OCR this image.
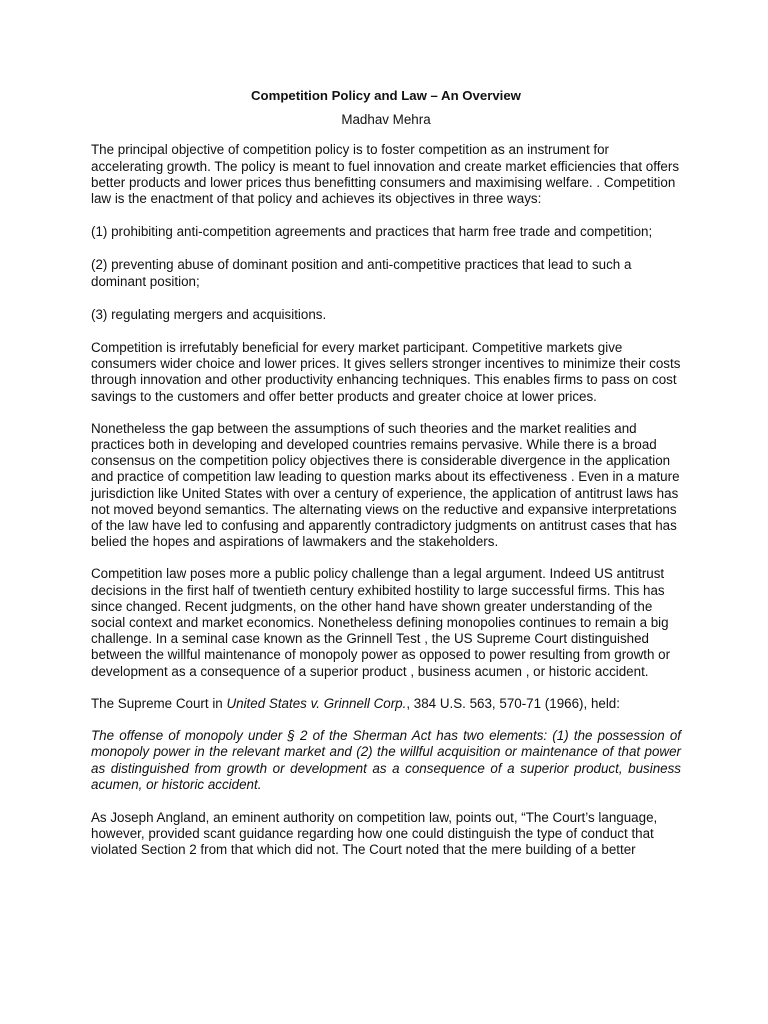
Competition Policy and Law – An Overview
Madhav Mehra

The principal objective of competition policy is to foster competition as an instrument for accelerating growth. The policy is meant to fuel innovation and create market efficiencies that offers better products and lower prices thus benefitting consumers and maximising welfare. . Competition law is the enactment of that policy and achieves its objectives in three ways:

(1) prohibiting anti-competition agreements and practices that harm free trade and competition;

(2) preventing abuse of dominant position and anti-competitive practices that lead to such a dominant position;

(3) regulating mergers and acquisitions.

Competition is irrefutably beneficial for every market participant. Competitive markets give consumers wider choice and lower prices. It gives sellers stronger incentives to minimize their costs through innovation and other productivity enhancing techniques. This enables firms to pass on cost savings to the customers and offer better products and greater choice at lower prices.

Nonetheless the gap between the assumptions of such theories and the market realities and practices both in developing and developed countries remains pervasive. While there is a broad consensus on the competition policy objectives there is considerable divergence in the application and practice of competition law leading to question marks about its effectiveness . Even in a mature jurisdiction like United States with over a century of experience, the application of antitrust laws has not moved beyond semantics. The alternating views on the reductive and expansive interpretations of the law have led to confusing and apparently contradictory judgments on antitrust cases that has belied the hopes and aspirations of lawmakers and the stakeholders.

Competition law poses more a public policy challenge than a legal argument. Indeed US antitrust decisions in the first half of twentieth century exhibited hostility to large successful firms. This has since changed. Recent judgments, on the other hand have shown greater understanding of the social context and market economics. Nonetheless defining monopolies continues to remain a big challenge. In a seminal case known as the Grinnell Test , the US Supreme Court distinguished between the willful maintenance of monopoly power as opposed to power resulting from growth or development as a consequence of a superior product , business acumen , or historic accident.

The Supreme Court in United States v. Grinnell Corp., 384 U.S. 563, 570-71 (1966), held:

The offense of monopoly under § 2 of the Sherman Act has two elements: (1) the possession of monopoly power in the relevant market and (2) the willful acquisition or maintenance of that power as distinguished from growth or development as a consequence of a superior product, business acumen, or historic accident.

As Joseph Angland, an eminent authority on competition law, points out, “The Court’s language, however, provided scant guidance regarding how one could distinguish the type of conduct that violated Section 2 from that which did not. The Court noted that the mere building of a better
